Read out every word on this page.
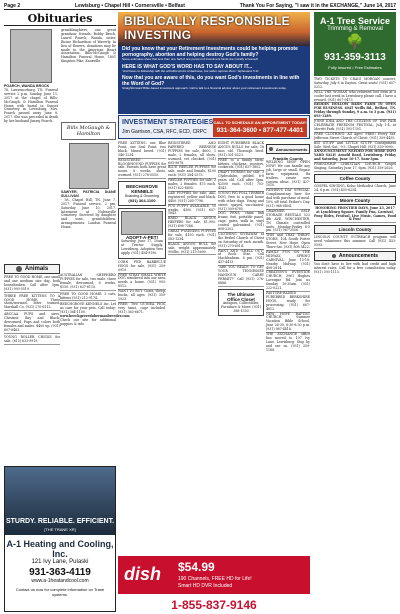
Page 2	Lewisburg • Chapel Hill • Cornersville • Belfast	Thank You For Saying, "I saw it in the EXCHANGE," June 14, 2017
Obituaries
POARCH, WANDA BROCK
76, Lawrenceburg, TN. Funeral service 2 p.m. Sunday, June 11, 2017 at the chapel of Bills-McGaugh, & Hamilton Funeral Home with burial in Sunset Cemetery in Lewisburg, Mrs. Poarch passed away June 8, 2017. She was preceded in death by her husband Jimmy Poarch.
granddaughters; one great grandson; friends: Bobby Brock, Laurel Poarch; Wanda, sister, Ricine Richardson of Waverly. In lieu of flowers, donations may be made to the American Heart Association. Bills-McGaugh & Hamilton Funeral Home, 1801 Kingston Pike, Knoxville.
Bills McGaugh & Hamilton
SAWYER, PATRICIA DIANE SULLIVAN
- 58, Chapel Hill, TN. June 7, 2017. Funeral service, 2 pm, Saturday June 10, 2017. Interment at Nolensville Cemetery. Survived by daughter and sons, grandchildren. Arrangements: London Funeral Home.
Animals
FREE TO GOOD HOME, one small and one medium size dog, both housebroken. Call after 5pm. (931) 993-5519.
THREE FREE KITTENS TO A GOOD HOME. Three shots/wormed, litter trained. Marshall Co. (931) 270-6112.
ABCCAA PUPS and sires, Chestnut Bay and Black; dewormed, Pups and colors both females and males. $400 up. (931) 607-8463.
YOUNG ROLLER CHICKS for sale. (615) 633-9919.
AUSTRALIAN SHEPHERD PUPPIES for sale, two male, three female, dewormed, 6 weeks. $150. (931) 637-6110.
FREE TO GOOD HOME: 3 cats, kittens (931) 212-9174.
BEECHGROVE KENNELS Inc. Let us care for your pets. Call today: (931) 364-1100.
www.beechgrovedobermanbreeder.com
Check our site for additional puppies & info.
STURDY. RELIABLE. EFFICIENT.
[THE TRANE XR]
A-1 Heating and Cooling, Inc.
121 Ivy Lane, Pulaski
931-363-4119
www.a-1heatandcool.com
Contact us now for complete information on Trane systems.
BIBLICALLY RESPONSIBLE INVESTING
Did you know that your Retirement Investments could be helping promote pornography, abortion and helping destroy God's family?
Some estimates show that less than one half of one percent of investment funds are morally screened!
HERE IS WHAT GOD'S WORD HAS TO SAY ABOUT IT...
"And have no fellowship with the unfruitful works of darkness, but rather reprove them." Ephesians 5:11
Now that you are aware of this, do you want God's investments in line with the Word of God?
Straightforward Bible-based investment approach. Call to talk to a financial advisor about your retirement investments today.
INVESTMENT STRATEGIES
Jim Garrison, CSA, RFC, ECD, CRPC
CALL TO SCHEDULE AN APPOINTMENT TODAY!
931-364-3600 • 877-477-4401
A-1 Tree Service
Trimming & Removal
🌳
931-359-3113
Fully Insured • Free Estimates
FREE KITTENS: one Blue Point, one Seal Point, two black, Mixed breed. (931) 546-1234.
REGISTERED BLOODHOUND PUPPIES for sale. Parents both have great noses. 8 weeks, shots, wormed. (931) 278-0555.
BEECHGROVE KENNELS
Boarding & Grooming
(931) 364-1100
ADOPT-A-PET!
Saturday, June 17, 10am at Tractor Supply, Lewisburg. Adoption fees apply. (931) 454-9190.
CORN FED BARBECUE HOGS for sale, (931) 359-0919.
FREE STRAY SMALL WHITE DOG wandered into our area, needs a home. (931) 993-8512.
WANT TO BUY: Goats, sheep, bucks, all ages. (931) 359-1923.
FREE: Two GUINEA PIGS, very tame, cage included. (931) 363-6671.
REGISTERED AND PAPERED BERNESE PUPPIES for sale, $600, 1 male, 2 females, all shots, wormed, vet checked. (931) 695-9678.
BLUE HEELER PUPPIES for sale, male and female, $100 each. (931) 284-2575.
HEELER PUPPIES for sale, 3 males, 2 females. $75 each. (931) 622-8895.
LAB PUPPIES for sale, AKC registered, yellow and black. $400. (931) 285-7796.
PUG PUPPY AVAILABLE, 10 weeks, $300. (931) 607-1843.
BRED BLACK ANGUS HEIFERS for sale, $1,900. (931) 698-7386.
GREAT PYRENEES PUPPIES for sale, $150 each. (931) 583-1234.
BLACK ANGUS BULL for sale, weight approximately 900lbs. (931) 215-5690.
EIGHT PUREBRED BLACK ANGUS BULLS for sale, 18 mos old. Thorough bred. (931) 301-5523.
FREE to a family farm: kittens, chickens, roosters, cockerels. (931) 637-1802.
DRAFT HORSES for sale. 3 Clydesdales, gelded, 6-8 years old. Call after 5pm. $2500 each. (931) 703-4543.
YOUNG PIG POLL TERRIER DOG, free to a good home with other dogs. Young and sweet, spayed, vaccinated. (931) 309-6785.
DOG PENS, chain link frame, 6x6, portable panel, cage, gates, walk in, vinyl coated galvanized. (931) 808-2202.
CLOTHING GIVEAWAY at the Bethel Church of Christ on Saturday of each month. (931) 270-6014.
PAINT AND "SHELL OUT" at Rock Star. Call Macklenbran. 6 pm. (931) 437-4413.
"ARE YOU READY TO GET YOUR TENNESSEE HANDGUN CARRY PERMIT?" Call (931) 276-8886.
The Ultimate Office Closet
Antiques, Collectibles, Furniture & More! (931) 388-1350
Announcements
Franklin County
WELDING SHOP OPEN NOW! We can handle any job, large or small. Repair farm equipment, fix trailers, create new custom ideas. (931) 427-1010.
FATHER'S DAY SPECIAL: Complimentary beer for dad with purchase of meal. 10% off total Father's Day. (931) 968-0404.
GRAMMER SELF STORAGE RENTALS 523 4th AVE, WINCHESTER, TN Climate controlled units. Monday-Friday 8-5 pm. (931) 967-3556.
THIS and THAT THRIFT STORE, 104 South Porter Street, New Hope. Open Thurs-Sat. (931) 808-5422.
FAMILY FUN ON THE MIDWAY, SPRING CARNIVAL, June 15-18, Nearby Midway. (931) 408-2814.
CREATION'S EVENTIDE CHURCH, 3961 Hughes Lavergne Rd. Join us Sunday 10:30am. (931) 222-0221.
PASTURE-RAISED PUREBRED BERKSHIRE HOGS, ready for processing. (931) 607-4812.
NEW HOPE BAPTIST CHURCH Summer Vacation Bible School, June 26-30, 6:30-8:30 p.m. (931) 967-4418.
THE EXCHANGE office has moved to 107 Ivy Lane, Lewisburg. Stop by and see us. (931) 359-1188.
dish $54.99
190 Channels, FREE HD for Life!
Smart HD DVR Included
1-855-837-9146
TWO TICKETS TO CRAIG MORGAN concert, Saturday, July 8 in Dayton. Great seats! (931) 607-5212.
WILL THE WOMAN who returned lost item at a cooler last week in Lewisburg please call, I have a reward. (931) 607-9473.
BEDDIN HOLLOW BARN FARM IN OPEN FOR BUSINESS. 4045 Neills Rd., Belfast, TN. Friday through Sunday, 9 a.m. to 3 p.m. (931) 693-1289.
JOINE IDEA AND THE CITIZENS OF THE FAIR CELEBRATE FREEDOM FESTIVAL, July 1-4, at Merritt Park. (931) 393-1101.
FREE CLOTHING: All Ages! FREE! Every Sat. Jefferson Street Church of Christ. (931) 359-4455.
BIG STUFF and LITTLE STUFF Consignment Sale, Wed.-Sat., 9-5. Chapel Hill. (931) 359-9090.
ANNOUNCEMENT NEEDED FOR MORE INFO YARD SALE! Arnold Road, Lewisburg. Friday and Saturday, June 16-17. 8am-3pm.
FRIENDSHIP CHRISTIAN CHURCH Gospel Singing, Saturday June 17, 6pm. (931) 359-2626.
Coffee County
GOSPEL SINGING, Kelso Methodist Church, June 24, 6 p.m. (931) 455-6234.
Moore County
HONORING FRONTIER DAYS, June 23, 2017 at Lynchburg Square. Family Fun, Carnival, Pony Rides, Festival, Live Music, Games, Food & Fun!
Lincoln County
LINCOLN COUNTY OUTREACH program will need volunteers this summer. Call (931) 433-5595.
Announcements
You don't have to live with bad credit and high interest rates. Call for a free consultation today. (931) 393-1115.
